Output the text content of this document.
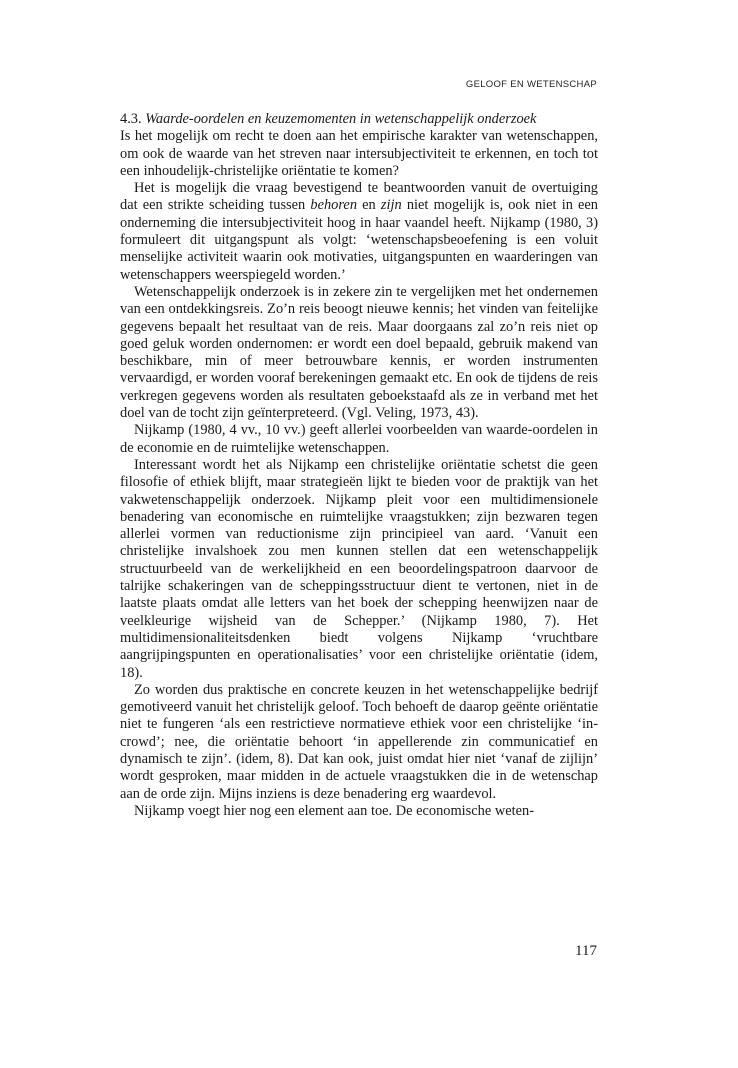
GELOOF EN WETENSCHAP
4.3. Waarde-oordelen en keuzemomenten in wetenschappelijk onderzoek

Is het mogelijk om recht te doen aan het empirische karakter van wetenschappen, om ook de waarde van het streven naar intersubjectiviteit te erkennen, en toch tot een inhoudelijk-christelijke oriëntatie te komen?

Het is mogelijk die vraag bevestigend te beantwoorden vanuit de overtuiging dat een strikte scheiding tussen behoren en zijn niet mogelijk is, ook niet in een onderneming die intersubjectiviteit hoog in haar vaandel heeft. Nijkamp (1980, 3) formuleert dit uitgangspunt als volgt: ‘wetenschapsbeoefening is een voluit menselijke activiteit waarin ook motivaties, uitgangspunten en waarderingen van wetenschappers weerspiegeld worden.’

Wetenschappelijk onderzoek is in zekere zin te vergelijken met het ondernemen van een ontdekkingsreis. Zo’n reis beoogt nieuwe kennis; het vinden van feitelijke gegevens bepaalt het resultaat van de reis. Maar doorgaans zal zo’n reis niet op goed geluk worden ondernomen: er wordt een doel bepaald, gebruik makend van beschikbare, min of meer betrouwbare kennis, er worden instrumenten vervaardigd, er worden vooraf berekeningen gemaakt etc. En ook de tijdens de reis verkregen gegevens worden als resultaten geboekstaafd als ze in verband met het doel van de tocht zijn geïnterpreteerd. (Vgl. Veling, 1973, 43).

Nijkamp (1980, 4 vv., 10 vv.) geeft allerlei voorbeelden van waarde-oordelen in de economie en de ruimtelijke wetenschappen.

Interessant wordt het als Nijkamp een christelijke oriëntatie schetst die geen filosofie of ethiek blijft, maar strategieën lijkt te bieden voor de praktijk van het vakwetenschappelijk onderzoek. Nijkamp pleit voor een multidimensionele benadering van economische en ruimtelijke vraagstukken; zijn bezwaren tegen allerlei vormen van reductionisme zijn principieel van aard. ‘Vanuit een christelijke invalshoek zou men kunnen stellen dat een wetenschappelijk structuurbeeld van de werkelijkheid en een beoordelingspatroon daarvoor de talrijke schakeringen van de scheppingsstructuur dient te vertonen, niet in de laatste plaats omdat alle letters van het boek der schepping heenwijzen naar de veelkleurige wijsheid van de Schepper.’ (Nijkamp 1980, 7). Het multidimensionaliteitsdenken biedt volgens Nijkamp ‘vruchtbare aangrijpingspunten en operationalisaties’ voor een christelijke oriëntatie (idem, 18).

Zo worden dus praktische en concrete keuzen in het wetenschappelijke bedrijf gemotiveerd vanuit het christelijk geloof. Toch behoeft de daarop geënte oriëntatie niet te fungeren ‘als een restrictieve normatieve ethiek voor een christelijke ‘in-crowd’; nee, die oriëntatie behoort ‘in appellerende zin communicatief en dynamisch te zijn’. (idem, 8). Dat kan ook, juist omdat hier niet ‘vanaf de zijlijn’ wordt gesproken, maar midden in de actuele vraagstukken die in de wetenschap aan de orde zijn. Mijns inziens is deze benadering erg waardevol.

Nijkamp voegt hier nog een element aan toe. De economische weten-

117
